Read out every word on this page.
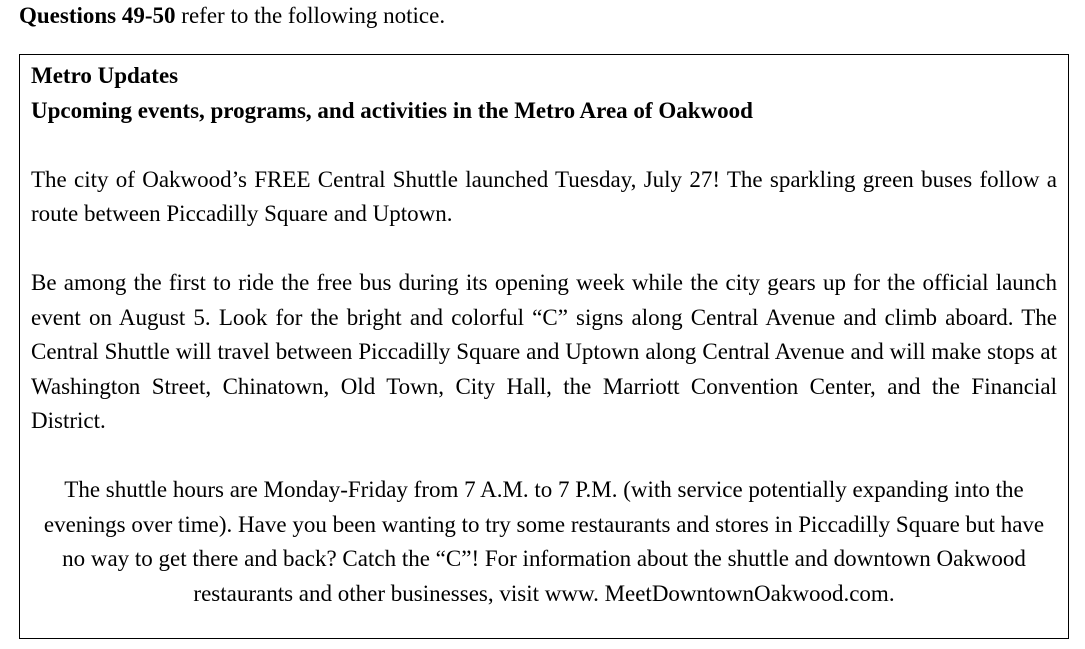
Questions 49-50 refer to the following notice.

Metro Updates

Upcoming events, programs, and activities in the Metro Area of Oakwood

The city of Oakwood’s FREE Central Shuttle launched Tuesday, July 27! The sparkling green buses follow a route between Piccadilly Square and Uptown.

Be among the first to ride the free bus during its opening week while the city gears up for the official launch event on August 5. Look for the bright and colorful “C” signs along Central Avenue and climb aboard. The Central Shuttle will travel between Piccadilly Square and Uptown along Central Avenue and will make stops at Washington Street, Chinatown, Old Town, City Hall, the Marriott Convention Center, and the Financial District.

The shuttle hours are Monday-Friday from 7 A.M. to 7 P.M. (with service potentially expanding into the evenings over time). Have you been wanting to try some restaurants and stores in Piccadilly Square but have no way to get there and back? Catch the “C”! For information about the shuttle and downtown Oakwood restaurants and other businesses, visit www. MeetDowntownOakwood.com.
